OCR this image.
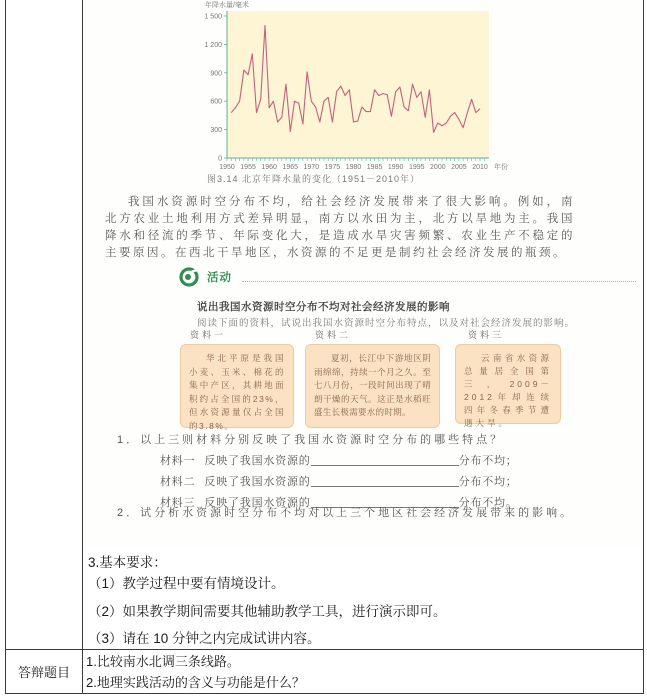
0
300
600
900
1 200
1 500
1950 1955 1960 1965 1970 1975 1980 1985 1990 1995 2000 2005 2010 年份
年降水量/毫米
图3.14 北京年降水量的变化（1951－2010年）
我国水资源时空分布不均，给社会经济发展带来了很大影响。例如，南北方农业土地利用方式差异明显，南方以水田为主，北方以旱地为主。我国降水和径流的季节、年际变化大，是造成水旱灾害频繁、农业生产不稳定的主要原因。在西北干旱地区，水资源的不足更是制约社会经济发展的瓶颈。
活动
说出我国水资源时空分布不均对社会经济发展的影响
阅读下面的资料，试说出我国水资源时空分布特点，以及对社会经济发展的影响。
资料一	资料二	资料三
华北平原是我国小麦、玉米、棉花的集中产区，其耕地面积约占全国的23%，但水资源量仅占全国的3.8%。
夏初，长江中下游地区阴雨绵绵，持续一个月之久。至七八月份，一段时间出现了晴朗干燥的天气。这正是水稻旺盛生长极需要水的时期。
云南省水资源总量居全国第三，2009－2012年却连续四年冬春季节遭遇大旱。
1．以上三则材料分别反映了我国水资源时空分布的哪些特点？
材料一 反映了我国水资源的	分布不均；
材料二 反映了我国水资源的	分布不均；
材料三 反映了我国水资源的	分布不均。
2．试分析水资源时空分布不均对以上三个地区社会经济发展带来的影响。
3.基本要求：
（1）教学过程中要有情境设计。
（2）如果教学期间需要其他辅助教学工具，进行演示即可。
（3）请在 10 分钟之内完成试讲内容。
答辩题目
1.比较南水北调三条线路。
2.地理实践活动的含义与功能是什么？
